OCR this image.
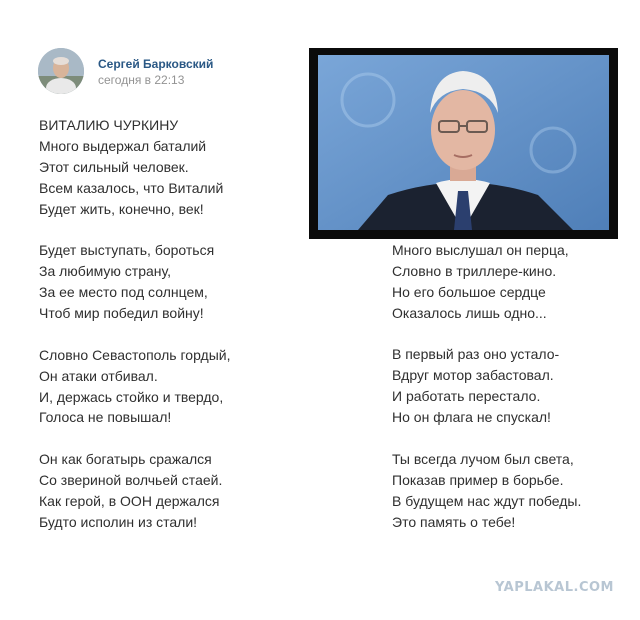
Сергей Барковский
сегодня в 22:13
ВИТАЛИЮ ЧУРКИНУ
Много выдержал баталий
Этот сильный человек.
Всем казалось, что Виталий
Будет жить, конечно, век!
Будет выступать, бороться
За любимую страну,
За ее место под солнцем,
Чтоб мир победил войну!
Словно Севастополь гордый,
Он атаки отбивал.
И, держась стойко и твердо,
Голоса не повышал!
Он как богатырь сражался
Со звериной волчьей стаей.
Как герой, в ООН держался
Будто исполин из стали!
Много выслушал он перца,
Словно в триллере-кино.
Но его большое сердце
Оказалось лишь одно...
В первый раз оно устало-
Вдруг мотор забастовал.
И работать перестало.
Но он флага не спускал!
Ты всегда лучом был света,
Показав пример в борьбе.
В будущем нас ждут победы.
Это память о тебе!
YAPLAKAL.COM
